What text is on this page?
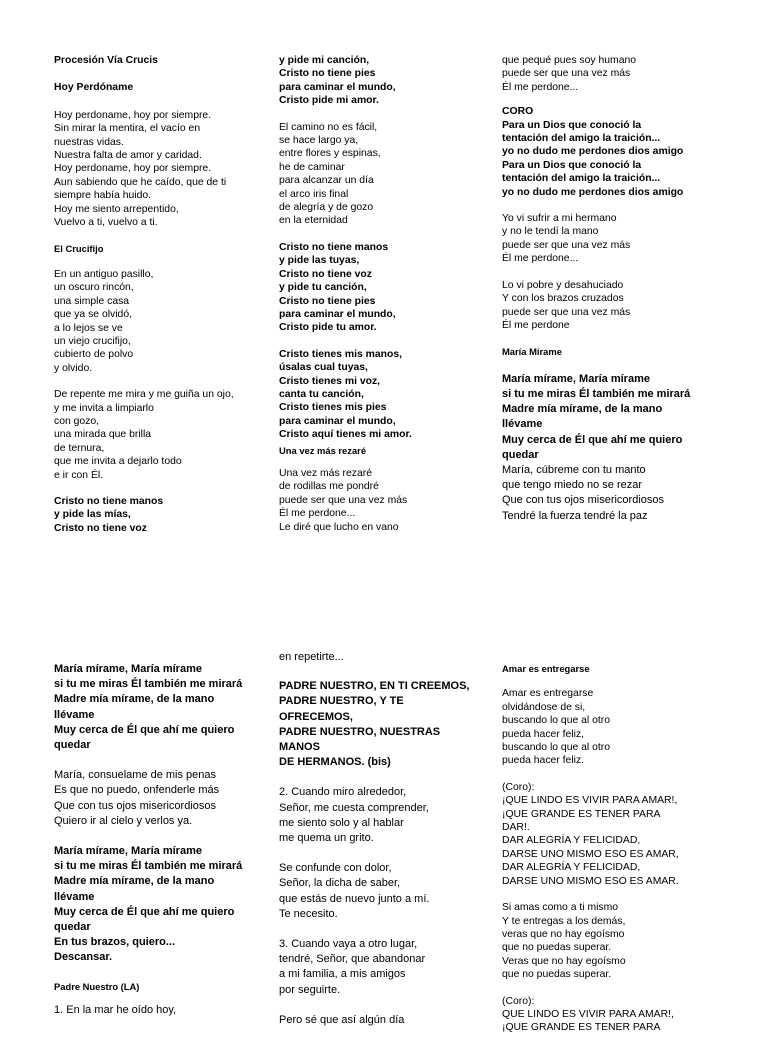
Procesión Vía Crucis
Hoy Perdóname
Hoy perdoname, hoy por siempre.
Sin mirar la mentira, el vacío en
nuestras vidas.
Nuestra falta de amor y caridad.
Hoy perdoname, hoy por siempre.
Aun sabiendo que he caído, que de ti
siempre había huido.
Hoy me siento arrepentido,
Vuelvo a ti, vuelvo a ti.
El Crucifijo
En un antiguo pasillo,
un oscuro rincón,
una simple casa
que ya se olvidó,
a lo lejos se ve
un viejo crucifijo,
cubierto de polvo
y olvido.
De repente me mira y me guiña un ojo,
y me invita a limpiarlo
con gozo,
una mirada que brilla
de ternura,
que me invita a dejarlo todo
e ir con Él.
Cristo no tiene manos
y pide las mías,
Cristo no tiene voz
y pide mi canción,
Cristo no tiene pies
para caminar el mundo,
Cristo pide mi amor.
El camino no es fácil,
se hace largo ya,
entre flores y espinas,
he de caminar
para alcanzar un día
el arco iris final
de alegría y de gozo
en la eternidad
Cristo no tiene manos
y pide las tuyas,
Cristo no tiene voz
y pide tu canción,
Cristo no tiene pies
para caminar el mundo,
Cristo pide tu amor.
Cristo tienes mis manos,
úsalas cual tuyas,
Cristo tienes mi voz,
canta tu canción,
Cristo tienes mis pies
para caminar el mundo,
Cristo aquí tienes mi amor.
Una vez más rezaré
Una vez más rezaré
de rodillas me pondré
puede ser que una vez más
Él me perdone...
Le diré que lucho en vano
que pequé pues soy humano
puede ser que una vez más
Él me perdone...
CORO
Para un Dios que conoció la
tentación del amigo la traición...
yo no dudo me perdones dios amigo
Para un Dios que conoció la
tentación del amigo la traición...
yo no dudo me perdones dios amigo
Yo vi sufrir a mi hermano
y no le tendí la mano
puede ser que una vez más
Él me perdone...
Lo vi pobre y desahuciado
Y con los brazos cruzados
puede ser que una vez más
Él me perdone
María Mírame
María mírame, María mírame
si tu me miras Él también me mirará
Madre mía mírame, de la mano
llévame
Muy cerca de Él que ahí me quiero
quedar
María, cúbreme con tu manto
que tengo miedo no se rezar
Que con tus ojos misericordiosos
Tendré la fuerza tendré la paz
María mírame, María mírame
si tu me miras Él también me mirará
Madre mía mírame, de la mano
llévame
Muy cerca de Él que ahí me quiero
quedar
María, consuelame de mis penas
Es que no puedo, onfenderle más
Que con tus ojos misericordiosos
Quiero ir al cielo y verlos ya.
María mírame, María mírame
si tu me miras Él también me mirará
Madre mía mírame, de la mano
llévame
Muy cerca de Él que ahí me quiero
quedar
En tus brazos, quiero...
Descansar.
Padre Nuestro (LA)
1. En la mar he oído hoy,
en repetirte...
PADRE NUESTRO, EN TI CREEMOS,
PADRE NUESTRO, Y TE
OFRECEMOS,
PADRE NUESTRO, NUESTRAS
MANOS
DE HERMANOS. (bis)
2. Cuando miro alrededor,
Señor, me cuesta comprender,
me siento solo y al hablar
me quema un grito.
Se confunde con dolor,
Señor, la dicha de saber,
que estás de nuevo junto a mí.
Te necesito.
3. Cuando vaya a otro lugar,
tendré, Señor, que abandonar
a mi familia, a mis amigos
por seguirte.
Pero sé que así algún día
Amar es entregarse
Amar es entregarse
olvidándose de si,
buscando lo que al otro
pueda hacer feliz,
buscando lo que al otro
pueda hacer feliz.
(Coro):
¡QUE LINDO ES VIVIR PARA AMAR!,
¡QUE GRANDE ES TENER PARA
DAR!.
DAR ALEGRÍA Y FELICIDAD,
DARSE UNO MISMO ESO ES AMAR,
DAR ALEGRÍA Y FELICIDAD,
DARSE UNO MISMO ESO ES AMAR.
Si amas como a ti mismo
Y te entregas a los demás,
veras que no hay egoísmo
que no puedas superar.
Veras que no hay egoísmo
que no puedas superar.
(Coro):
QUE LINDO ES VIVIR PARA AMAR!,
¡QUE GRANDE ES TENER PARA
